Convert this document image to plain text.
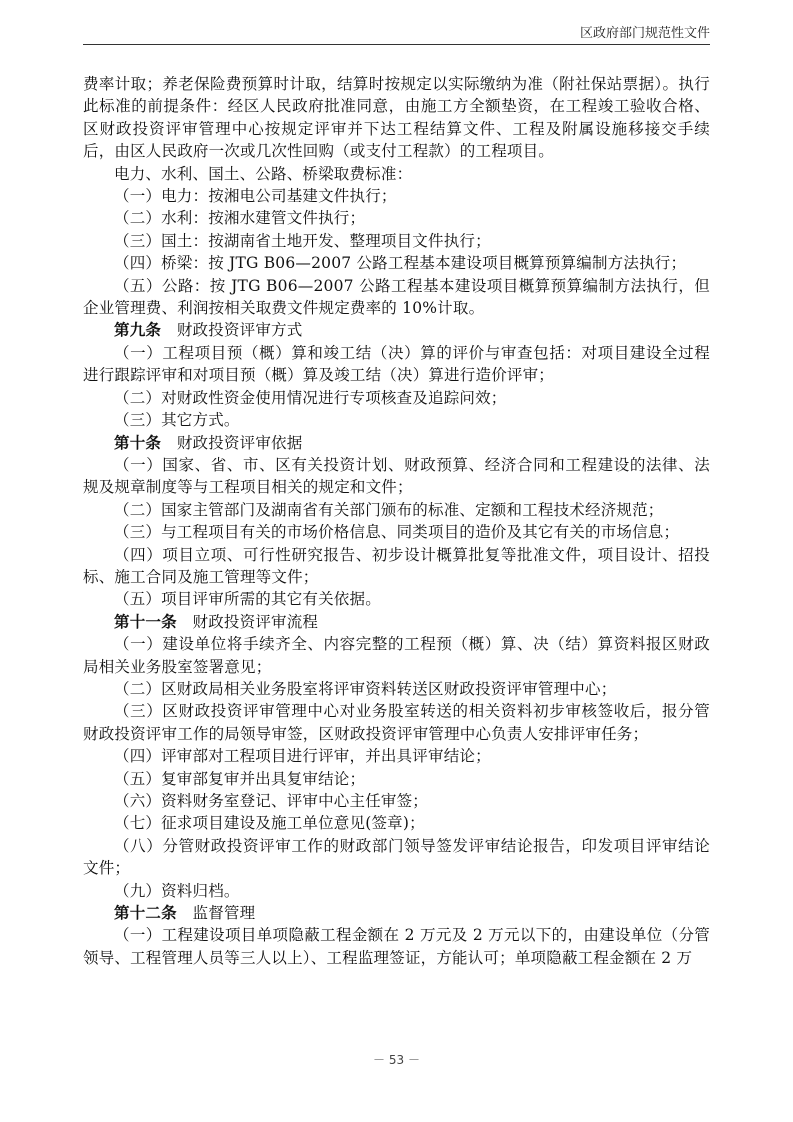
区政府部门规范性文件

费率计取；养老保险费预算时计取，结算时按规定以实际缴纳为准（附社保站票据）。执行此标准的前提条件：经区人民政府批准同意，由施工方全额垫资，在工程竣工验收合格、区财政投资评审管理中心按规定评审并下达工程结算文件、工程及附属设施移接交手续后，由区人民政府一次或几次性回购（或支付工程款）的工程项目。

电力、水利、国土、公路、桥梁取费标准：

（一）电力：按湘电公司基建文件执行；

（二）水利：按湘水建管文件执行；

（三）国土：按湖南省土地开发、整理项目文件执行；

（四）桥梁：按 JTG B06—2007 公路工程基本建设项目概算预算编制方法执行；

（五）公路：按 JTG B06—2007 公路工程基本建设项目概算预算编制方法执行，但企业管理费、利润按相关取费文件规定费率的 10%计取。

第九条　 财政投资评审方式

（一）工程项目预（概）算和竣工结（决）算的评价与审查包括：对项目建设全过程进行跟踪评审和对项目预（概）算及竣工结（决）算进行造价评审；

（二）对财政性资金使用情况进行专项核查及追踪问效；

（三）其它方式。

第十条　 财政投资评审依据

（一）国家、省、市、区有关投资计划、财政预算、经济合同和工程建设的法律、法规及规章制度等与工程项目相关的规定和文件；

（二）国家主管部门及湖南省有关部门颁布的标准、定额和工程技术经济规范；

（三）与工程项目有关的市场价格信息、同类项目的造价及其它有关的市场信息；

（四）项目立项、可行性研究报告、初步设计概算批复等批准文件，项目设计、招投标、施工合同及施工管理等文件；

（五）项目评审所需的其它有关依据。

第十一条　 财政投资评审流程

（一）建设单位将手续齐全、内容完整的工程预（概）算、决（结）算资料报区财政局相关业务股室签署意见；

（二）区财政局相关业务股室将评审资料转送区财政投资评审管理中心；

（三）区财政投资评审管理中心对业务股室转送的相关资料初步审核签收后，报分管财政投资评审工作的局领导审签，区财政投资评审管理中心负责人安排评审任务；

（四）评审部对工程项目进行评审，并出具评审结论；

（五）复审部复审并出具复审结论；

（六）资料财务室登记、评审中心主任审签；

（七）征求项目建设及施工单位意见(签章)；

（八）分管财政投资评审工作的财政部门领导签发评审结论报告，印发项目评审结论文件；

（九）资料归档。

第十二条　 监督管理

（一）工程建设项目单项隐蔽工程金额在 2 万元及 2 万元以下的，由建设单位（分管领导、工程管理人员等三人以上）、工程监理签证，方能认可；单项隐蔽工程金额在 2 万

－ 53 －
